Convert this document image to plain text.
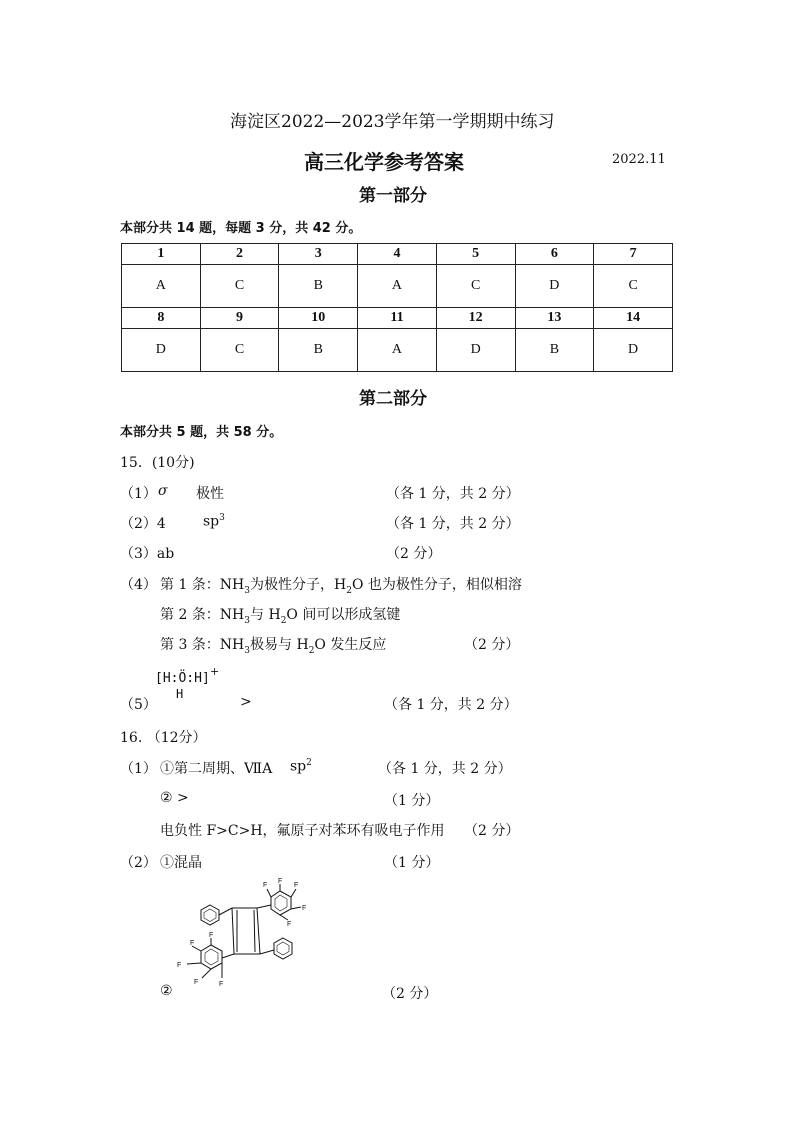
海淀区2022—2023学年第一学期期中练习
高三化学参考答案	2022.11
第一部分
本部分共 14 题，每题 3 分，共 42 分。
1	2	3	4	5	6	7
A	C	B	A	C	D	C
8	9	10	11	12	13	14
D	C	B	A	D	B	D
第二部分
本部分共 5 题，共 58 分。
15．(10分)
（1） σ 极性	（各 1 分，共 2 分）
（2）4	$sp^3$	（各 1 分，共 2 分）
（3）ab	（2 分）
（4） 第 1 条：$NH_3$为极性分子，$H_2O$ 也为极性分子，相似相溶
第 2 条：$NH_3$与 $H_2O$ 间可以形成氢键
第 3 条：$NH_3$极易与 $H_2O$ 发生反应	（2 分）
（5）
[H:Ö:H] +
H	>	（各 1 分，共 2 分）
16. （12分）
（1） ①第二周期、ⅦA $sp^2$	（各 1 分，共 2 分）
② >	（1 分）
电负性 F>C>H，氟原子对苯环有吸电子作用 （2 分）
（2） ①混晶	（1 分）
F
F
F
F
F
F
F
F
F	F
②	（2 分）
